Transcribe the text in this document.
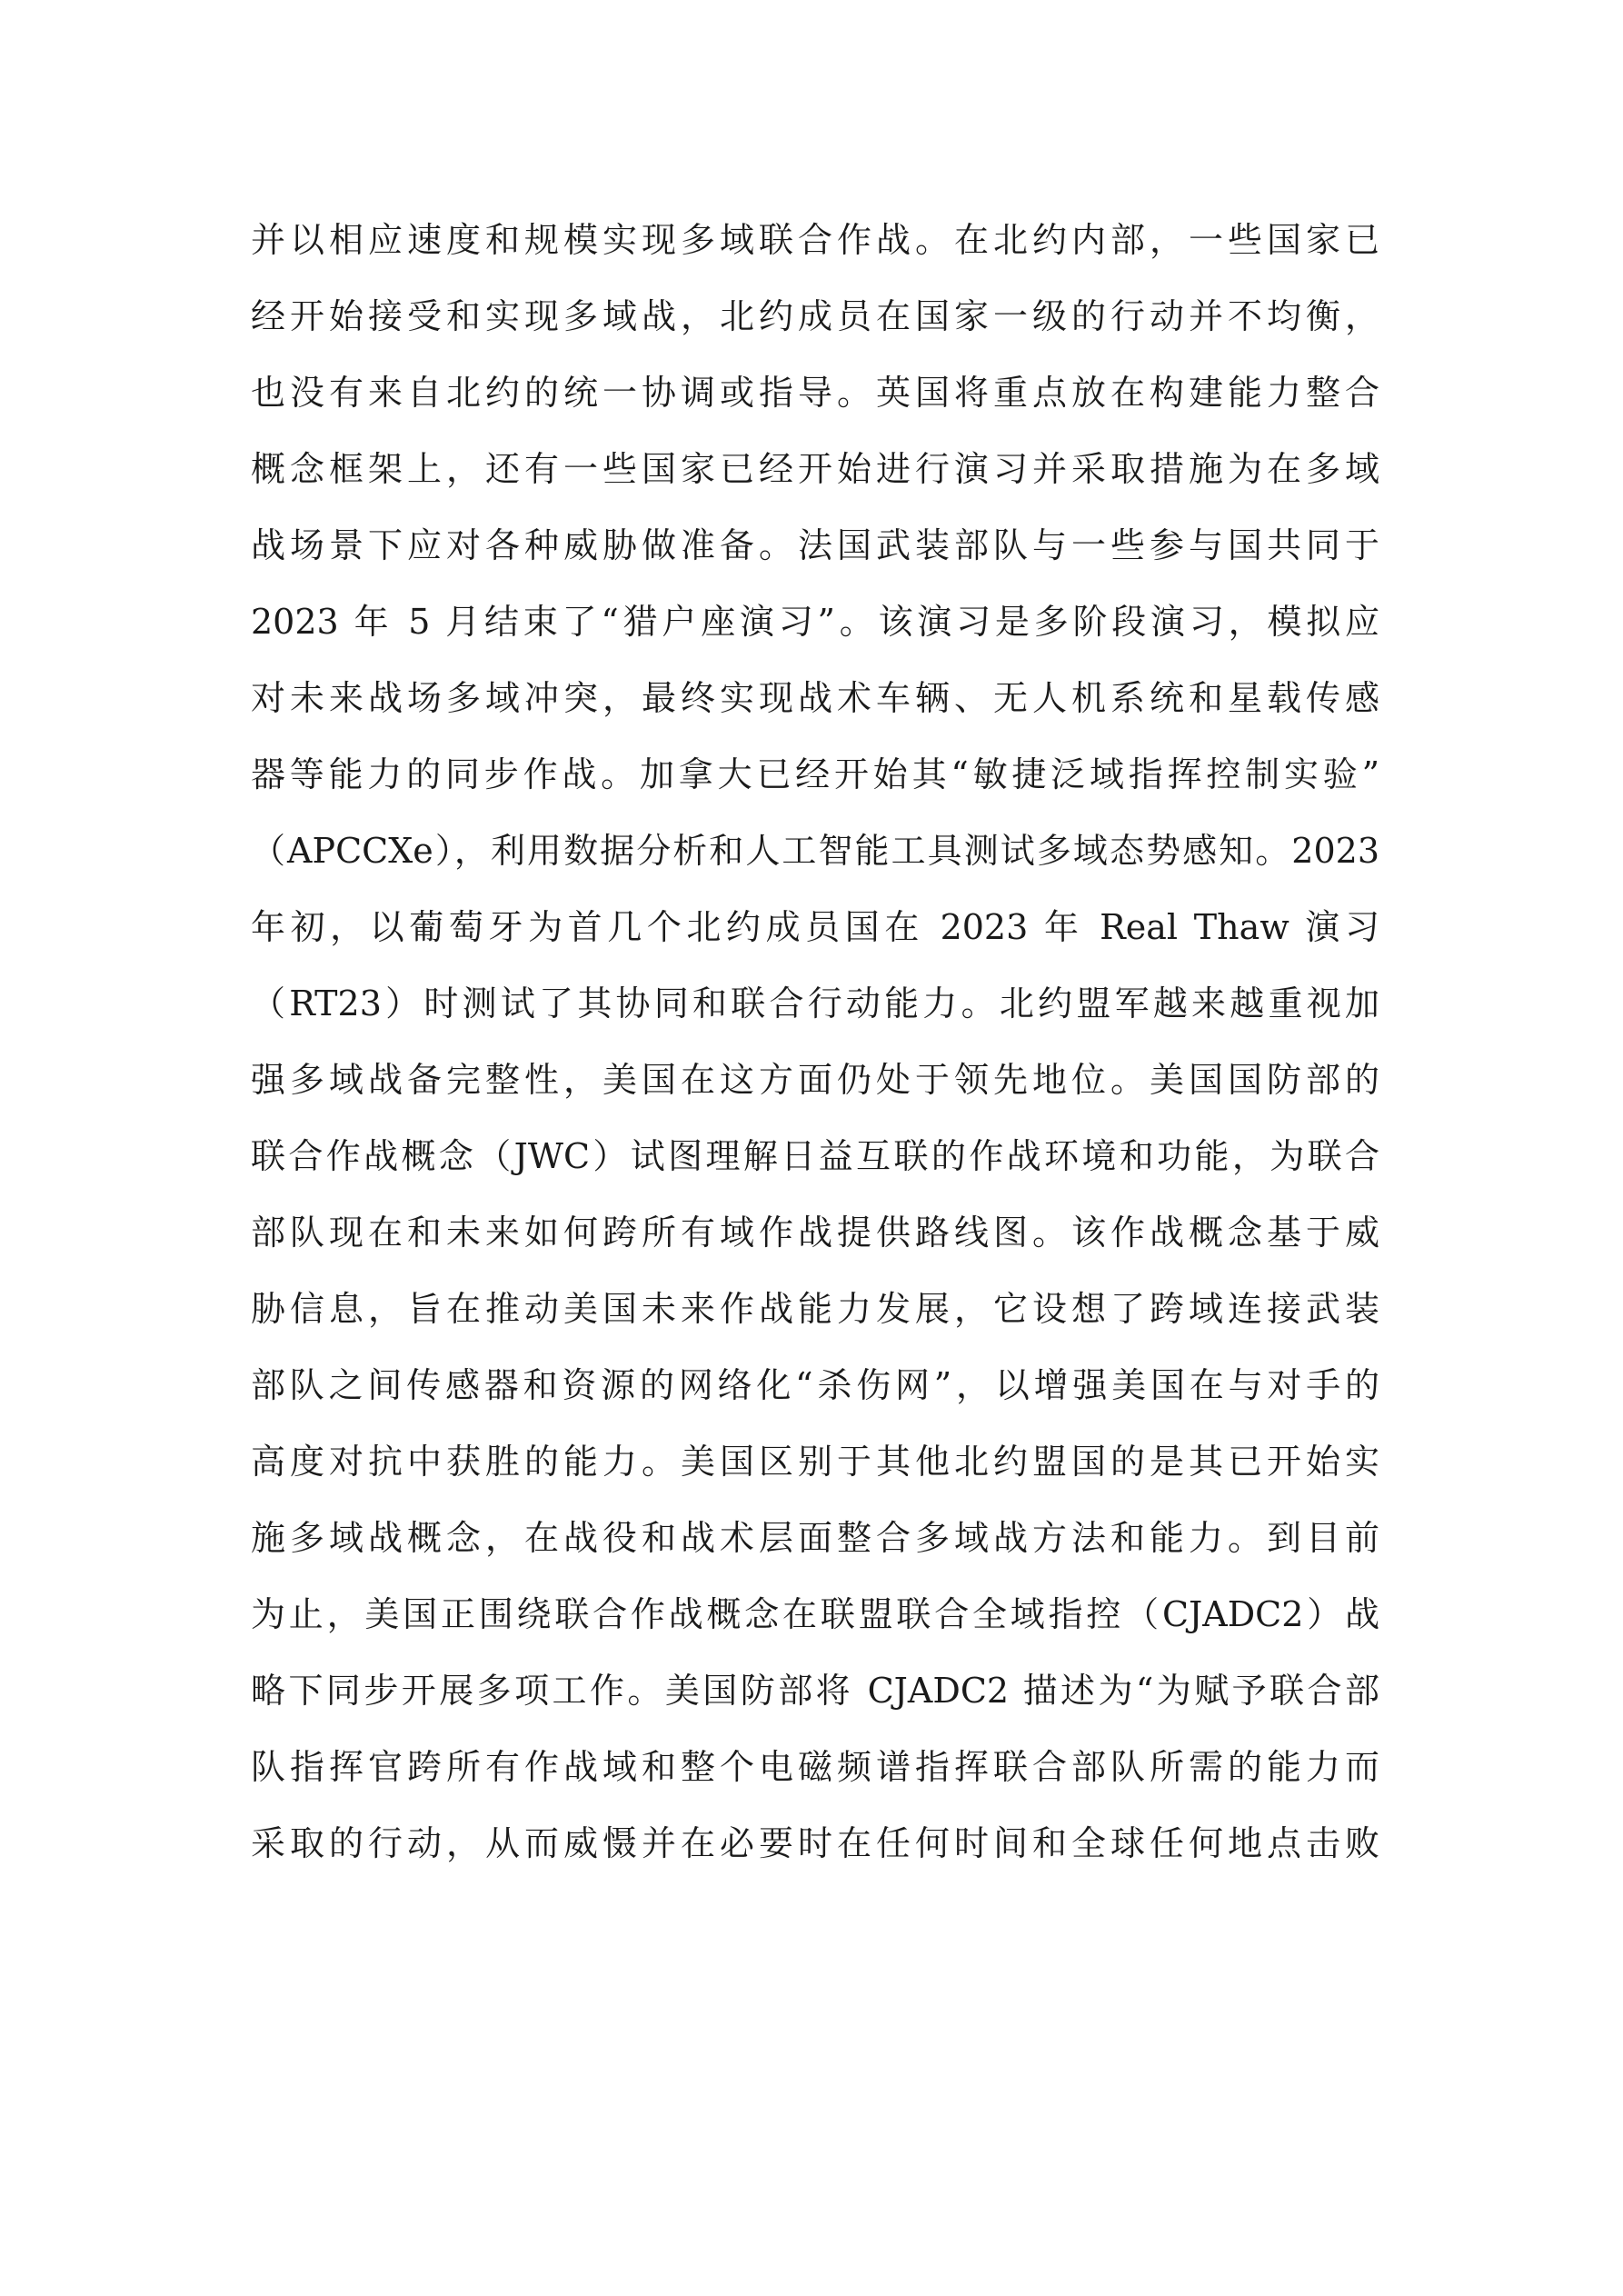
并以相应速度和规模实现多域联合作战。在北约内部，一些国家已
经开始接受和实现多域战，北约成员在国家一级的行动并不均衡，
也没有来自北约的统一协调或指导。英国将重点放在构建能力整合
概念框架上，还有一些国家已经开始进行演习并采取措施为在多域
战场景下应对各种威胁做准备。法国武装部队与一些参与国共同于
2023 年 5 月结束了“猎户座演习”。该演习是多阶段演习，模拟应
对未来战场多域冲突，最终实现战术车辆、无人机系统和星载传感
器等能力的同步作战。加拿大已经开始其“敏捷泛域指挥控制实验”
（APCCXe），利用数据分析和人工智能工具测试多域态势感知。2023
年初，以葡萄牙为首几个北约成员国在 2023 年 Real Thaw 演习
（RT23）时测试了其协同和联合行动能力。北约盟军越来越重视加
强多域战备完整性，美国在这方面仍处于领先地位。美国国防部的
联合作战概念（JWC）试图理解日益互联的作战环境和功能，为联合
部队现在和未来如何跨所有域作战提供路线图。该作战概念基于威
胁信息，旨在推动美国未来作战能力发展，它设想了跨域连接武装
部队之间传感器和资源的网络化“杀伤网”，以增强美国在与对手的
高度对抗中获胜的能力。美国区别于其他北约盟国的是其已开始实
施多域战概念，在战役和战术层面整合多域战方法和能力。到目前
为止，美国正围绕联合作战概念在联盟联合全域指控（CJADC2）战
略下同步开展多项工作。美国防部将 CJADC2 描述为“为赋予联合部
队指挥官跨所有作战域和整个电磁频谱指挥联合部队所需的能力而
采取的行动，从而威慑并在必要时在任何时间和全球任何地点击败
